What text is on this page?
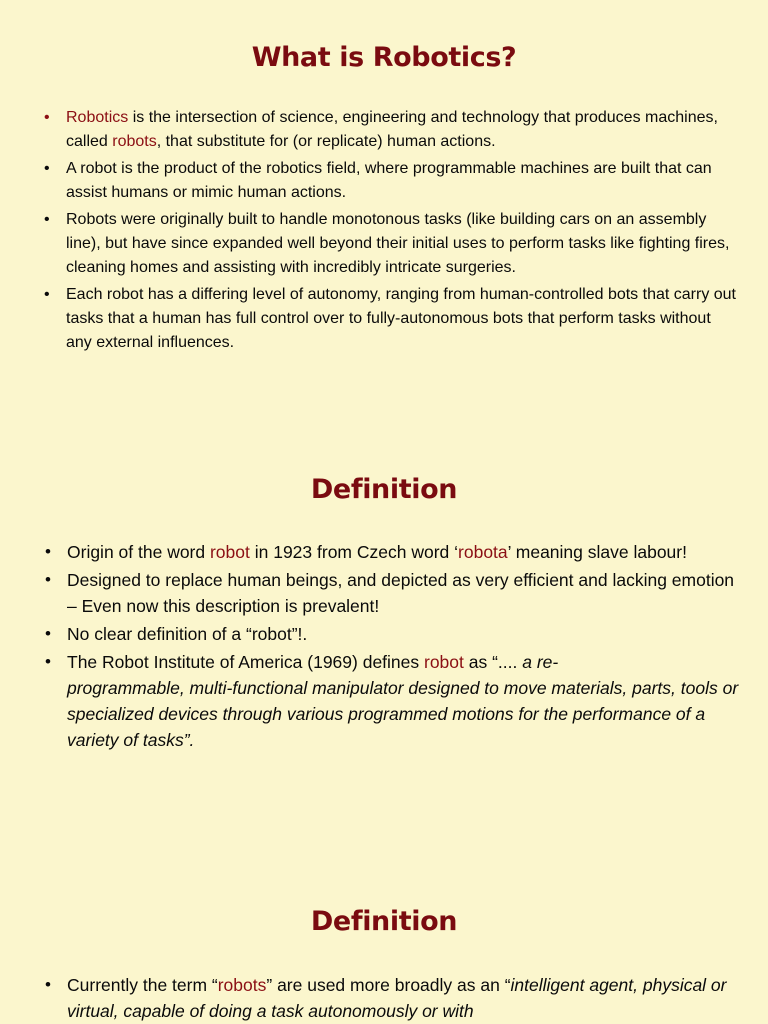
What is Robotics?
• Robotics is the intersection of science, engineering and technology that produces machines, called robots, that substitute for (or replicate) human actions.
• A robot is the product of the robotics field, where programmable machines are built that can assist humans or mimic human actions.
• Robots were originally built to handle monotonous tasks (like building cars on an assembly line), but have since expanded well beyond their initial uses to perform tasks like fighting fires, cleaning homes and assisting with incredibly intricate surgeries.
• Each robot has a differing level of autonomy, ranging from human-controlled bots that carry out tasks that a human has full control over to fully-autonomous bots that perform tasks without any external influences.
Definition
• Origin of the word robot in 1923 from Czech word ‘robota’ meaning slave labour!
• Designed to replace human beings, and depicted as very efficient and lacking emotion – Even now this description is prevalent!
• No clear definition of a “robot”!.
• The Robot Institute of America (1969) defines robot as “.... a re-
programmable, multi-functional manipulator designed to move materials, parts, tools or specialized devices through various programmed motions for the performance of a variety of tasks”.
Definition
• Currently the term “robots” are used more broadly as an “intelligent agent, physical or virtual, capable of doing a task autonomously or with
